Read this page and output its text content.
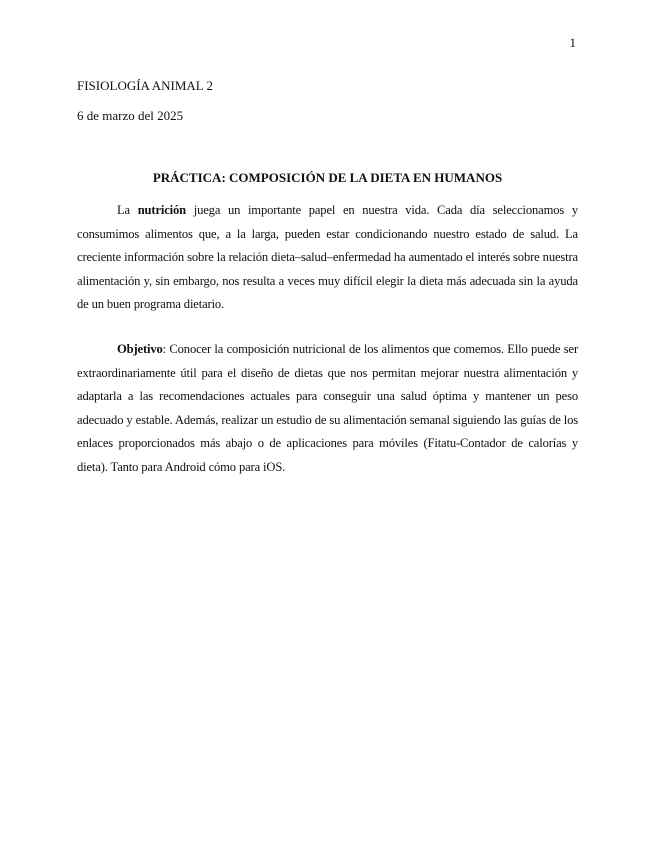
1
FISIOLOGÍA ANIMAL 2
6 de marzo del 2025
PRÁCTICA: COMPOSICIÓN DE LA DIETA EN HUMANOS

La nutrición juega un importante papel en nuestra vida. Cada día seleccionamos y consumimos alimentos que, a la larga, pueden estar condicionando nuestro estado de salud. La creciente información sobre la relación dieta–salud–enfermedad ha aumentado el interés sobre nuestra alimentación y, sin embargo, nos resulta a veces muy difícil elegir la dieta más adecuada sin la ayuda de un buen programa dietario.

Objetivo: Conocer la composición nutricional de los alimentos que comemos. Ello puede ser extraordinariamente útil para el diseño de dietas que nos permitan mejorar nuestra alimentación y adaptarla a las recomendaciones actuales para conseguir una salud óptima y mantener un peso adecuado y estable. Además, realizar un estudio de su alimentación semanal siguiendo las guías de los enlaces proporcionados más abajo o de aplicaciones para móviles (Fitatu-Contador de calorías y dieta). Tanto para Android cómo para iOS.
